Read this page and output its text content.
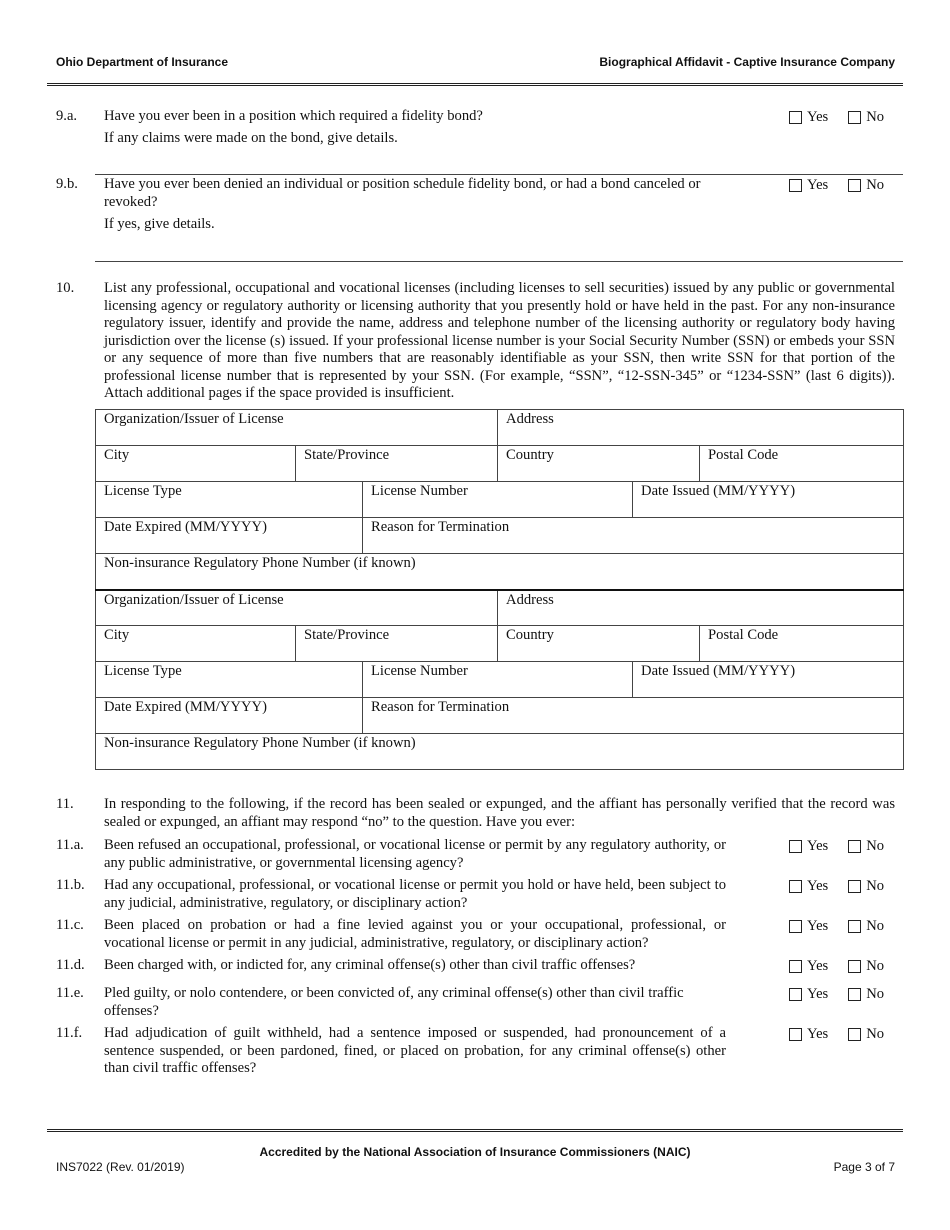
Ohio Department of Insurance	Biographical Affidavit - Captive Insurance Company
9.a. Have you ever been in a position which required a fidelity bond?
If any claims were made on the bond, give details.
Yes	No
9.b. Have you ever been denied an individual or position schedule fidelity bond, or had a bond canceled or revoked?
If yes, give details.
Yes	No
10. List any professional, occupational and vocational licenses (including licenses to sell securities) issued by any public or governmental licensing agency or regulatory authority or licensing authority that you presently hold or have held in the past. For any non-insurance regulatory issuer, identify and provide the name, address and telephone number of the licensing authority or regulatory body having jurisdiction over the license (s) issued. If your professional license number is your Social Security Number (SSN) or embeds your SSN or any sequence of more than five numbers that are reasonably identifiable as your SSN, then write SSN for that portion of the professional license number that is represented by your SSN. (For example, “SSN”, “12-SSN-345” or “1234-SSN” (last 6 digits)). Attach additional pages if the space provided is insufficient.
Organization/Issuer of License			Address		
City	State/Province		Country		Postal Code
License Type		License Number		Date Issued (MM/YYYY)	
Date Expired (MM/YYYY)		Reason for Termination			
Non-insurance Regulatory Phone Number (if known)					
Organization/Issuer of License			Address		
City	State/Province		Country		Postal Code
License Type		License Number		Date Issued (MM/YYYY)	
Date Expired (MM/YYYY)		Reason for Termination			
Non-insurance Regulatory Phone Number (if known)					
11. In responding to the following, if the record has been sealed or expunged, and the affiant has personally verified that the record was sealed or expunged, an affiant may respond “no” to the question. Have you ever:
11.a. Been refused an occupational, professional, or vocational license or permit by any regulatory authority, or any public administrative, or governmental licensing agency?
Yes	No
11.b. Had any occupational, professional, or vocational license or permit you hold or have held, been subject to any judicial, administrative, regulatory, or disciplinary action?
Yes	No
11.c. Been placed on probation or had a fine levied against you or your occupational, professional, or vocational license or permit in any judicial, administrative, regulatory, or disciplinary action?
Yes	No
11.d. Been charged with, or indicted for, any criminal offense(s) other than civil traffic offenses?	Yes	No
11.e. Pled guilty, or nolo contendere, or been convicted of, any criminal offense(s) other than civil traffic offenses?
Yes	No
11.f. Had adjudication of guilt withheld, had a sentence imposed or suspended, had pronouncement of a sentence suspended, or been pardoned, fined, or placed on probation, for any criminal offense(s) other than civil traffic offenses?
Yes	No
Accredited by the National Association of Insurance Commissioners (NAIC)
INS7022 (Rev. 01/2019)	Page 3 of 7
